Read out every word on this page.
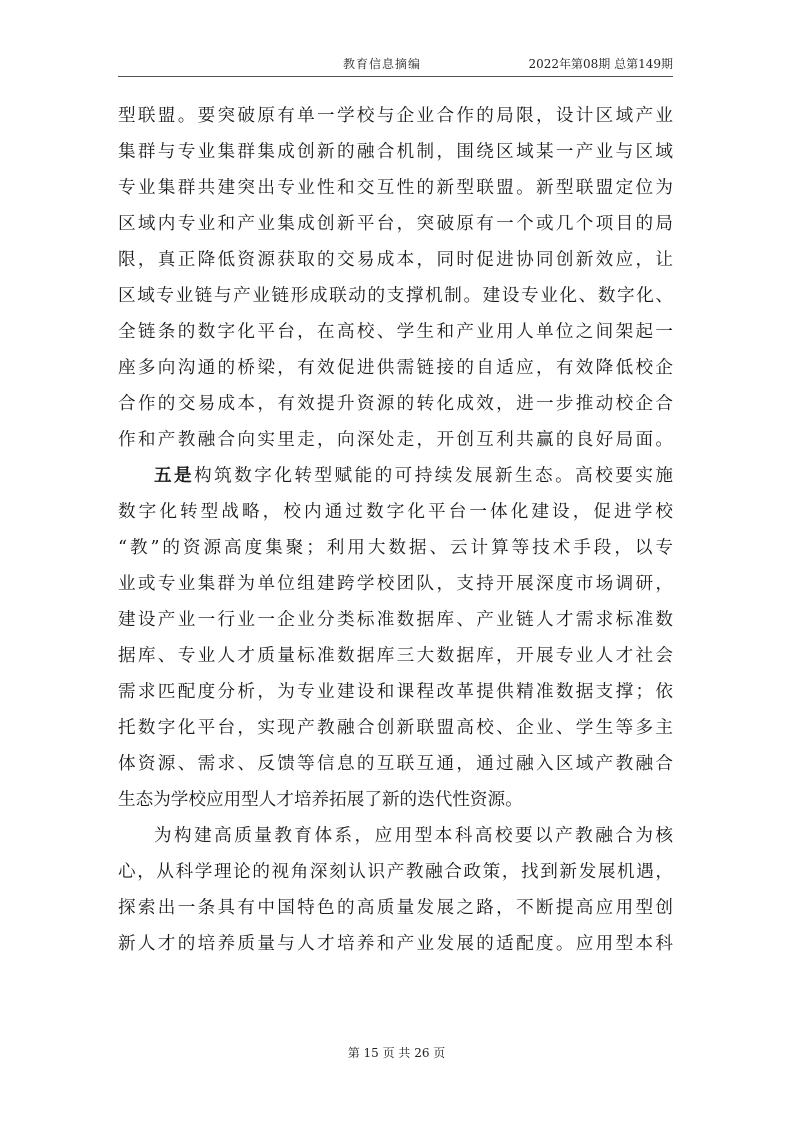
教育信息摘编	2022年第08期 总第149期
型联盟。要突破原有单一学校与企业合作的局限，设计区域产业
集群与专业集群集成创新的融合机制，围绕区域某一产业与区域
专业集群共建突出专业性和交互性的新型联盟。新型联盟定位为
区域内专业和产业集成创新平台，突破原有一个或几个项目的局
限，真正降低资源获取的交易成本，同时促进协同创新效应，让
区域专业链与产业链形成联动的支撑机制。建设专业化、数字化、
全链条的数字化平台，在高校、学生和产业用人单位之间架起一
座多向沟通的桥梁，有效促进供需链接的自适应，有效降低校企
合作的交易成本，有效提升资源的转化成效，进一步推动校企合
作和产教融合向实里走，向深处走，开创互利共赢的良好局面。
五是构筑数字化转型赋能的可持续发展新生态。高校要实施
数字化转型战略，校内通过数字化平台一体化建设，促进学校
“教”的资源高度集聚；利用大数据、云计算等技术手段，以专
业或专业集群为单位组建跨学校团队，支持开展深度市场调研，
建设产业一行业一企业分类标准数据库、产业链人才需求标准数
据库、专业人才质量标准数据库三大数据库，开展专业人才社会
需求匹配度分析，为专业建设和课程改革提供精准数据支撑；依
托数字化平台，实现产教融合创新联盟高校、企业、学生等多主
体资源、需求、反馈等信息的互联互通，通过融入区域产教融合
生态为学校应用型人才培养拓展了新的迭代性资源。
为构建高质量教育体系，应用型本科高校要以产教融合为核
心，从科学理论的视角深刻认识产教融合政策，找到新发展机遇，
探索出一条具有中国特色的高质量发展之路，不断提高应用型创
新人才的培养质量与人才培养和产业发展的适配度。应用型本科
第 15 页 共 26 页
